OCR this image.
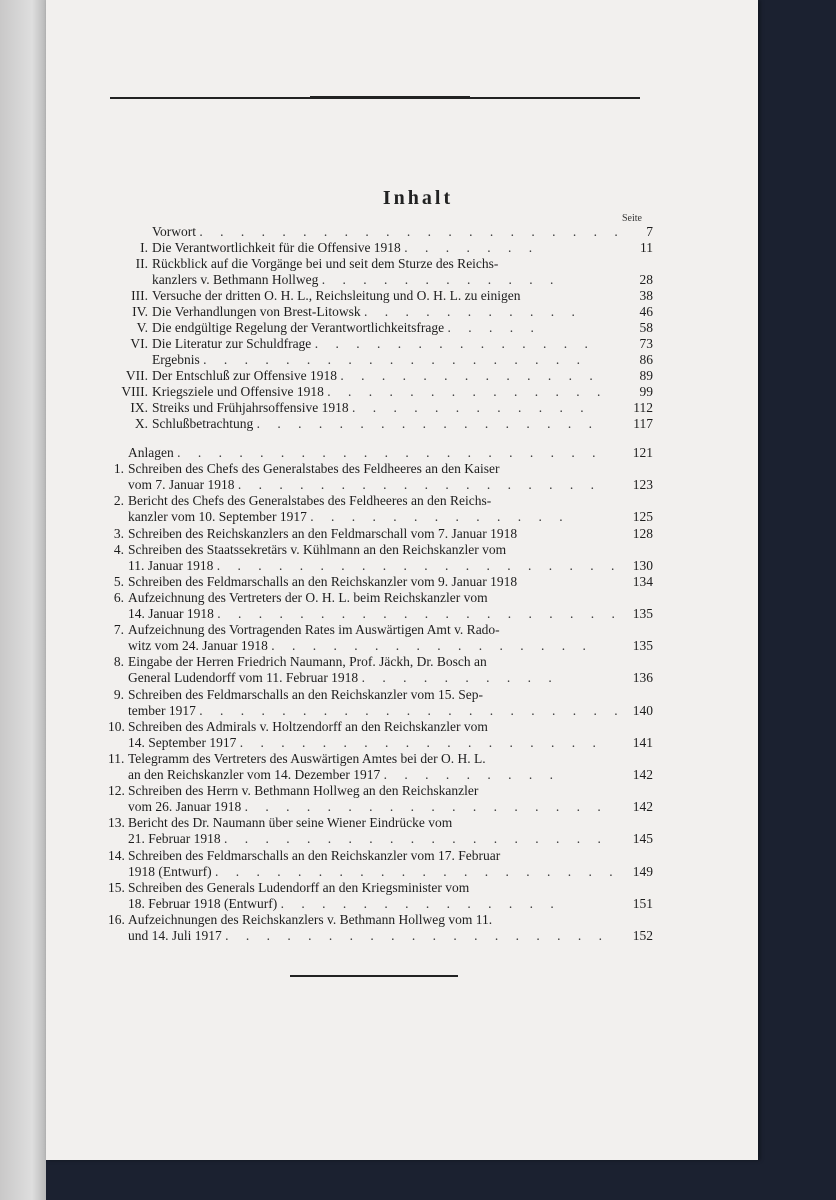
Inhalt
Seite
Vorwort . . . . . . . . . . . . . . . . . . . . . 7
I. Die Verantwortlichkeit für die Offensive 1918 . . . . . . .	11
II. Rückblick auf die Vorgänge bei und seit dem Sturze des Reichs-
kanzlers v. Bethmann Hollweg . . . . . . . . . . . .	28
III. Versuche der dritten O. H. L., Reichsleitung und O. H. L. zu einigen	38
IV. Die Verhandlungen von Brest-Litowsk . . . . . . . . . . .	46
V. Die endgültige Regelung der Verantwortlichkeitsfrage . . . . .	58
VI. Die Literatur zur Schuldfrage . . . . . . . . . . . . . .	73
Ergebnis . . . . . . . . . . . . . . . . . . .	86
VII. Der Entschluß zur Offensive 1918 . . . . . . . . . . . . .	89
VIII. Kriegsziele und Offensive 1918 . . . . . . . . . . . . . . 99
IX. Streiks und Frühjahrsoffensive 1918 . . . . . . . . . . . .	112
X. Schlußbetrachtung . . . . . . . . . . . . . . . . .	117
Anlagen . . . . . . . . . . . . . . . . . . . . . 121
1. Schreiben des Chefs des Generalstabes des Feldheeres an den Kaiser
vom 7. Januar 1918 . . . . . . . . . . . . . . . . . . 123
2. Bericht des Chefs des Generalstabes des Feldheeres an den Reichs-
kanzler vom 10. September 1917 . . . . . . . . . . . . .	125
3. Schreiben des Reichskanzlers an den Feldmarschall vom 7. Januar 1918	128
4. Schreiben des Staatssekretärs v. Kühlmann an den Reichskanzler vom
11. Januar 1918 . . . . . . . . . . . . . . . . . . . . 130
5. Schreiben des Feldmarschalls an den Reichskanzler vom 9. Januar 1918	134
6. Aufzeichnung des Vertreters der O. H. L. beim Reichskanzler vom
14. Januar 1918 . . . . . . . . . . . . . . . . . . . . 135
7. Aufzeichnung des Vortragenden Rates im Auswärtigen Amt v. Rado-
witz vom 24. Januar 1918 . . . . . . . . . . . . . . . .	135
8. Eingabe der Herren Friedrich Naumann, Prof. Jäckh, Dr. Bosch an
General Ludendorff vom 11. Februar 1918 . . . . . . . . . .	136
9. Schreiben des Feldmarschalls an den Reichskanzler vom 15. Sep-
tember 1917 . . . . . . . . . . . . . . . . . . . . . 140
10. Schreiben des Admirals v. Holtzendorff an den Reichskanzler vom
14. September 1917 . . . . . . . . . . . . . . . . . . 141
11. Telegramm des Vertreters des Auswärtigen Amtes bei der O. H. L.
an den Reichskanzler vom 14. Dezember 1917 . . . . . . . . .	142
12. Schreiben des Herrn v. Bethmann Hollweg an den Reichskanzler
vom 26. Januar 1918 . . . . . . . . . . . . . . . . . . 142
13. Bericht des Dr. Naumann über seine Wiener Eindrücke vom
21. Februar 1918 . . . . . . . . . . . . . . . . . . . 145
14. Schreiben des Feldmarschalls an den Reichskanzler vom 17. Februar
1918 (Entwurf) . . . . . . . . . . . . . . . . . . . . 149
15. Schreiben des Generals Ludendorff an den Kriegsminister vom
18. Februar 1918 (Entwurf) . . . . . . . . . . . . . .	151
16. Aufzeichnungen des Reichskanzlers v. Bethmann Hollweg vom 11.
und 14. Juli 1917 . . . . . . . . . . . . . . . . . . . 152
